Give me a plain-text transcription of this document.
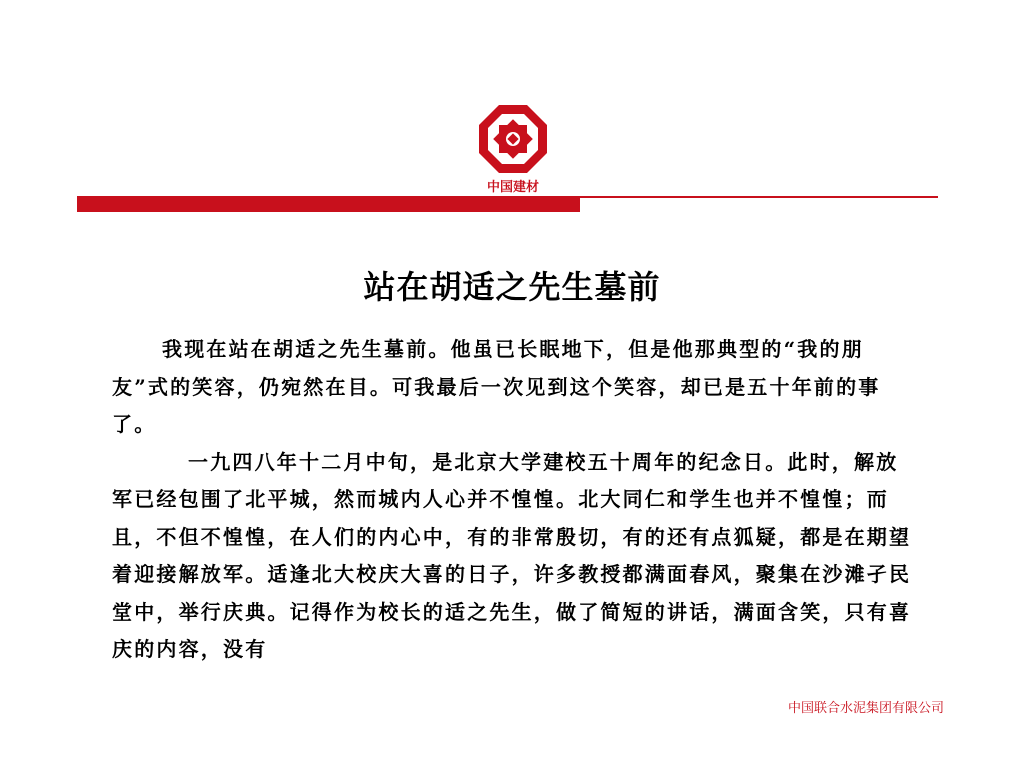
中国建材
站在胡适之先生墓前

我现在站在胡适之先生墓前。他虽已长眠地下，但是他那典型的“我的朋友”式的笑容，仍宛然在目。可我最后一次见到这个笑容，却已是五十年前的事了。

一九四八年十二月中旬，是北京大学建校五十周年的纪念日。此时，解放军已经包围了北平城，然而城内人心并不惶惶。北大同仁和学生也并不惶惶；而且，不但不惶惶，在人们的内心中，有的非常殷切，有的还有点狐疑，都是在期望着迎接解放军。适逢北大校庆大喜的日子，许多教授都满面春风，聚集在沙滩孑民堂中，举行庆典。记得作为校长的适之先生，做了简短的讲话，满面含笑，只有喜庆的内容，没有

中国联合水泥集团有限公司
